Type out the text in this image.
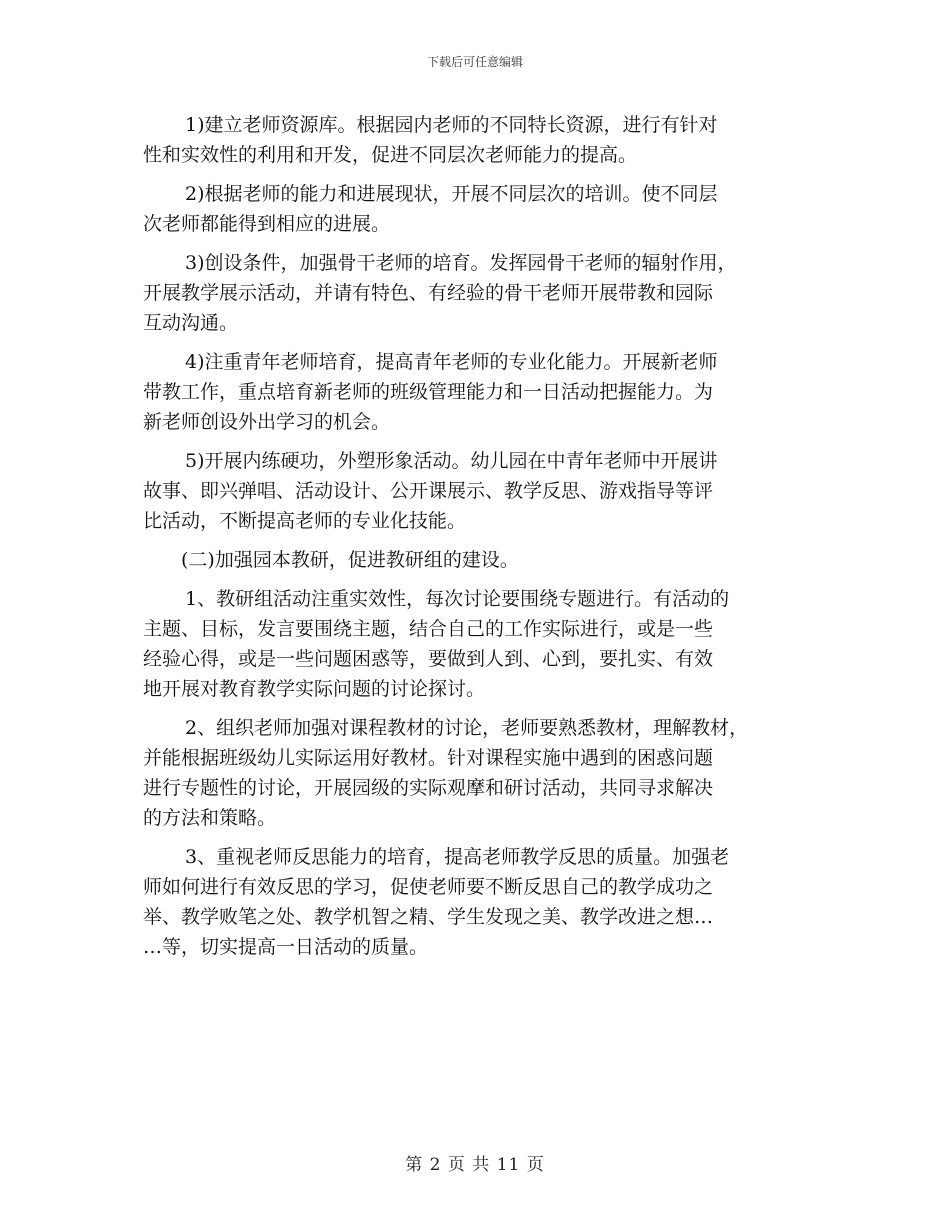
下载后可任意编辑
1)建立老师资源库。根据园内老师的不同特长资源，进行有针对
性和实效性的利用和开发，促进不同层次老师能力的提高。
2)根据老师的能力和进展现状，开展不同层次的培训。使不同层
次老师都能得到相应的进展。
3)创设条件，加强骨干老师的培育。发挥园骨干老师的辐射作用，
开展教学展示活动，并请有特色、有经验的骨干老师开展带教和园际
互动沟通。
4)注重青年老师培育，提高青年老师的专业化能力。开展新老师
带教工作，重点培育新老师的班级管理能力和一日活动把握能力。为
新老师创设外出学习的机会。
5)开展内练硬功，外塑形象活动。幼儿园在中青年老师中开展讲
故事、即兴弹唱、活动设计、公开课展示、教学反思、游戏指导等评
比活动，不断提高老师的专业化技能。
(二)加强园本教研，促进教研组的建设。
1、教研组活动注重实效性，每次讨论要围绕专题进行。有活动的
主题、目标，发言要围绕主题，结合自己的工作实际进行，或是一些
经验心得，或是一些问题困惑等，要做到人到、心到，要扎实、有效
地开展对教育教学实际问题的讨论探讨。
2、组织老师加强对课程教材的讨论，老师要熟悉教材，理解教材，
并能根据班级幼儿实际运用好教材。针对课程实施中遇到的困惑问题
进行专题性的讨论，开展园级的实际观摩和研讨活动，共同寻求解决
的方法和策略。
3、重视老师反思能力的培育，提高老师教学反思的质量。加强老
师如何进行有效反思的学习，促使老师要不断反思自己的教学成功之
举、教学败笔之处、教学机智之精、学生发现之美、教学改进之想…
…等，切实提高一日活动的质量。
第 2 页 共 11 页
